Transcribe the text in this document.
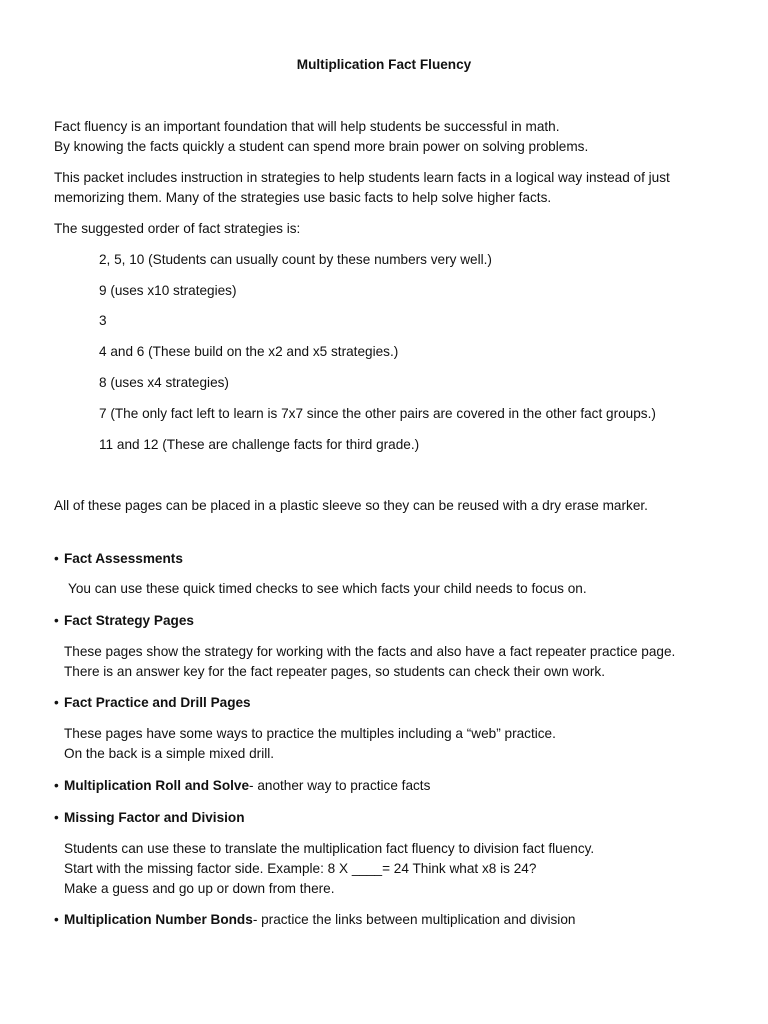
Multiplication Fact Fluency
Fact fluency is an important foundation that will help students be successful in math.
By knowing the facts quickly a student can spend more brain power on solving problems.
This packet includes instruction in strategies to help students learn facts in a logical way instead of just
memorizing them. Many of the strategies use basic facts to help solve higher facts.
The suggested order of fact strategies is:
2, 5, 10 (Students can usually count by these numbers very well.)
9 (uses x10 strategies)
3
4 and 6 (These build on the x2 and x5 strategies.)
8 (uses x4 strategies)
7 (The only fact left to learn is 7x7 since the other pairs are covered in the other fact groups.)
11 and 12 (These are challenge facts for third grade.)
All of these pages can be placed in a plastic sleeve so they can be reused with a dry erase marker.
• Fact Assessments
You can use these quick timed checks to see which facts your child needs to focus on.
• Fact Strategy Pages
These pages show the strategy for working with the facts and also have a fact repeater practice page.
There is an answer key for the fact repeater pages, so students can check their own work.
• Fact Practice and Drill Pages
These pages have some ways to practice the multiples including a “web” practice.
On the back is a simple mixed drill.
• Multiplication Roll and Solve- another way to practice facts
• Missing Factor and Division
Students can use these to translate the multiplication fact fluency to division fact fluency.
Start with the missing factor side. Example: 8 X ____= 24 Think what x8 is 24?
Make a guess and go up or down from there.
• Multiplication Number Bonds- practice the links between multiplication and division
